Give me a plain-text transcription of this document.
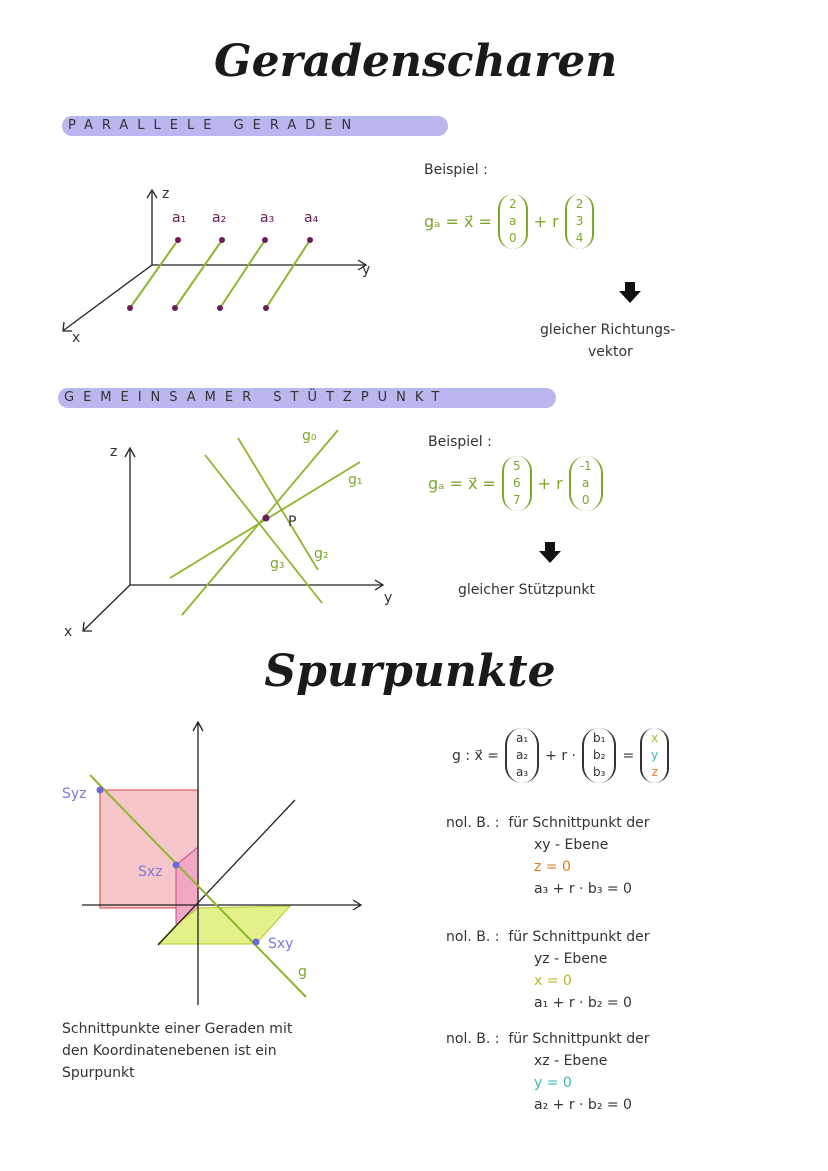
Geradenscharen
PARALLELE GERADEN
z
y
x
a₁ a₂ a₃ a₄
Beispiel :
gₐ = x⃗ =
2
a
0
+ r
2
3
4
gleicher Richtungs-
vektor
GEMEINSAMER STÜTZPUNKT
z
y
x
g₀
g₁
g₂
g₃
P
Beispiel :
gₐ = x⃗ =
5
6
7
+ r
-1
a
0
gleicher Stützpunkt
Spurpunkte
Syz
Sxz
Sxy
g
Schnittpunkte einer Geraden mit
den Koordinatenebenen ist ein
Spurpunkt
g : x⃗ =
a₁
a₂
a₃
+ r ·
b₁
b₂
b₃
=
x
y
z
nol. B. : für Schnittpunkt der
xy - Ebene
z = 0
a₃ + r · b₃ = 0
nol. B. : für Schnittpunkt der
yz - Ebene
x = 0
a₁ + r · b₂ = 0
nol. B. : für Schnittpunkt der
xz - Ebene
y = 0
a₂ + r · b₂ = 0
